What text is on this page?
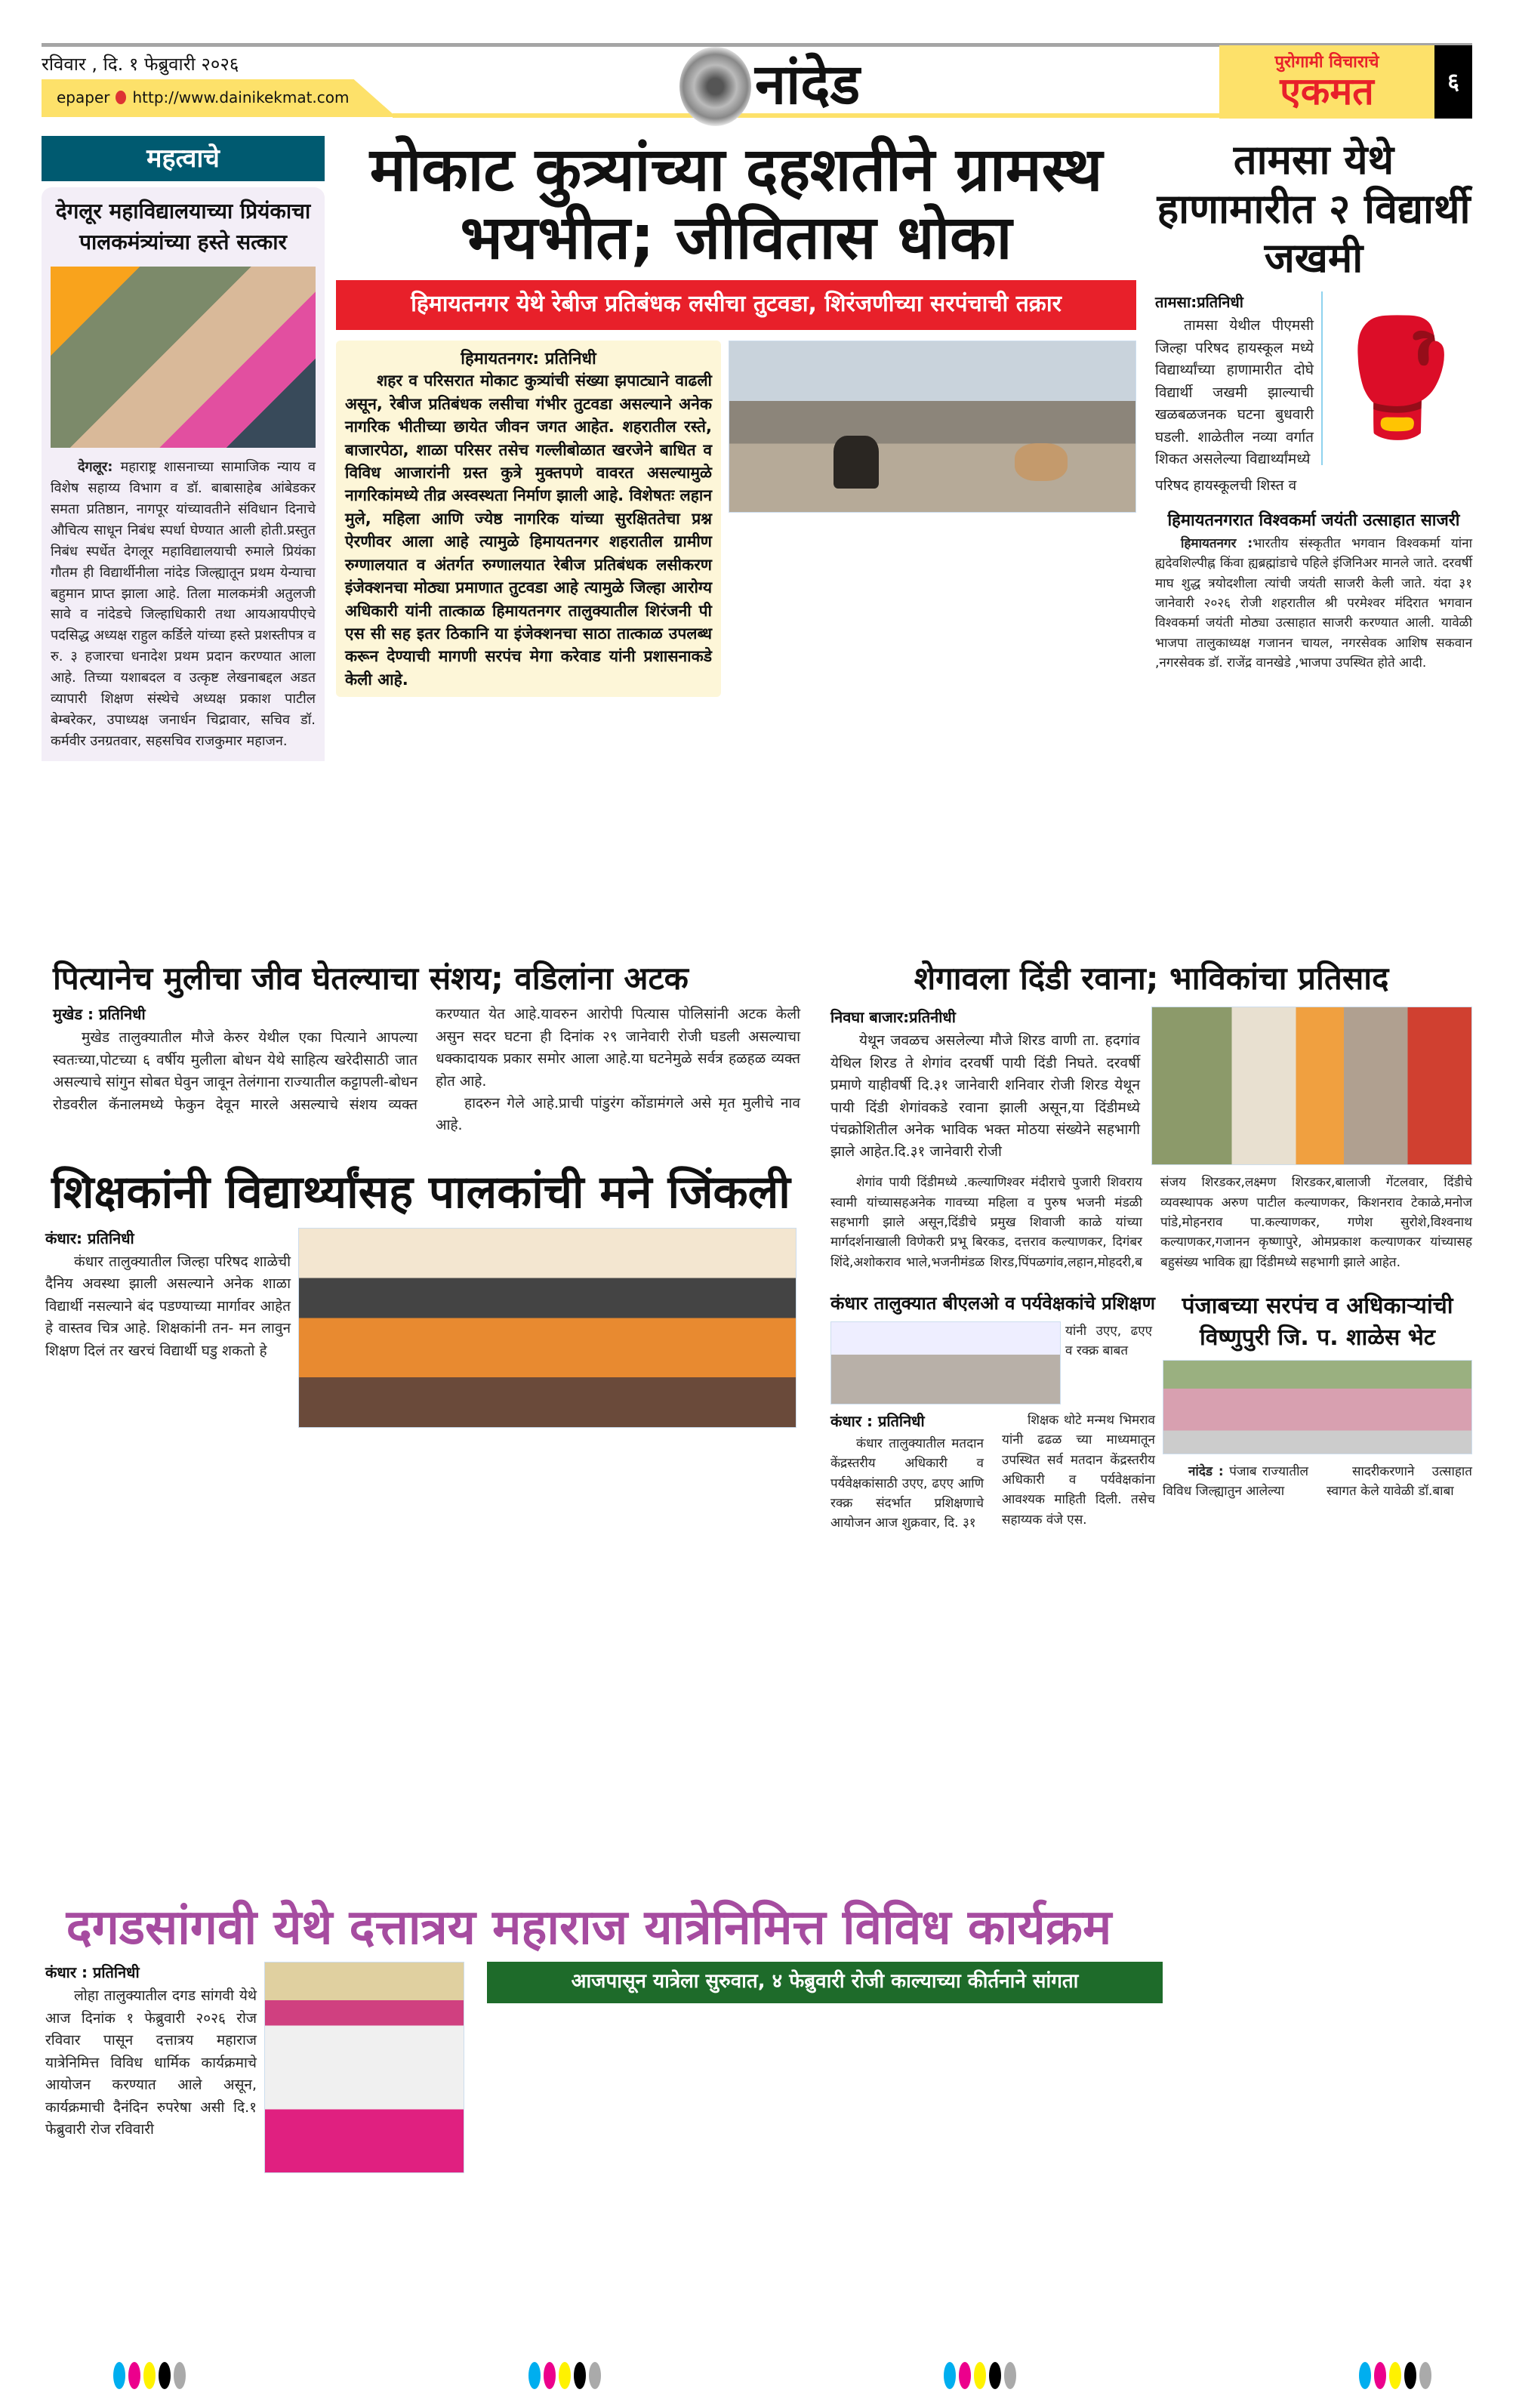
रविवार , दि. १ फेब्रुवारी २०२६
epaper http://www.dainikekmat.com	नांदेड	पुरोगामी विचाराचे
एकमत	६
महत्वाचे
देगलूर महाविद्यालयाच्या प्रियंकाचा पालकमंत्र्यांच्या हस्ते सत्कार

देगलूर: महाराष्ट्र शासनाच्या सामाजिक न्याय व विशेष सहाय्य विभाग व डॉ. बाबासाहेब आंबेडकर समता प्रतिष्ठान, नागपूर यांच्यावतीने संविधान दिनाचे औचित्य साधून निबंध स्पर्धा घेण्यात आली होती.प्रस्तुत निबंध स्पर्धेत देगलूर महाविद्यालयाची रुमाले प्रियंका गौतम ही विद्यार्थीनीला नांदेड जिल्ह्यातून प्रथम येन्याचा बहुमान प्राप्त झाला आहे. तिला मालकमंत्री अतुलजी सावे व नांदेडचे जिल्हाधिकारी तथा आयआयपीएचे पदसिद्ध अध्यक्ष राहुल कर्डिले यांच्या हस्ते प्रशस्तीपत्र व रु. ३ हजारचा धनादेश प्रथम प्रदान करण्यात आला आहे. तिच्या यशाबदल व उत्कृष्ट लेखनाबद्दल अडत व्यापारी शिक्षण संस्थेचे अध्यक्ष प्रकाश पाटील बेम्बरेकर, उपाध्यक्ष जनार्धन चिद्रावार, सचिव डॉ. कर्मवीर उनग्रतवार, सहसचिव राजकुमार महाजन.

मोकाट कुत्र्यांच्या दहशतीने ग्रामस्थ भयभीत; जीवितास धोका
हिमायतनगर येथे रेबीज प्रतिबंधक लसीचा तुटवडा, शिरंजणीच्या सरपंचाची तक्रार
हिमायतनगर: प्रतिनिधी

शहर व परिसरात मोकाट कुत्र्यांची संख्या झपाट्याने वाढली असून, रेबीज प्रतिबंधक लसीचा गंभीर तुटवडा असल्याने अनेक नागरिक भीतीच्या छायेत जीवन जगत आहेत. शहरातील रस्ते, बाजारपेठा, शाळा परिसर तसेच गल्लीबोळात खरजेने बाधित व विविध आजारांनी ग्रस्त कुत्रे मुक्तपणे वावरत असल्यामुळे नागरिकांमध्ये तीव्र अस्वस्थता निर्माण झाली आहे. विशेषतः लहान मुले, महिला आणि ज्येष्ठ नागरिक यांच्या सुरक्षिततेचा प्रश्न ऐरणीवर आला आहे त्यामुळे हिमायतनगर शहरातील ग्रामीण रुग्णालयात व अंतर्गत रुग्णालयात रेबीज प्रतिबंधक लसीकरण इंजेक्शनचा मोठ्या प्रमाणात तुटवडा आहे त्यामुळे जिल्हा आरोग्य अधिकारी यांनी तात्काळ हिमायतनगर तालुक्यातील शिरंजनी पी एस सी सह इतर ठिकानि या इंजेक्शनचा साठा तात्काळ उपलब्ध करून देण्याची मागणी सरपंच मेगा करेवाड यांनी प्रशासनाकडे केली आहे.

तामसा येथे हाणामारीत २ विद्यार्थी जखमी
तामसा:प्रतिनिधी

तामसा येथील पीएमसी जिल्हा परिषद हायस्कूल मध्ये विद्यार्थ्यांच्या हाणामारीत दोघे विद्यार्थी जखमी झाल्याची खळबळजनक घटना बुधवारी घडली. शाळेतील नव्या वर्गात शिकत असलेल्या विद्यार्थ्यांमध्ये

🥊
परिषद हायस्कूलची शिस्त व
हिमायतनगरात विश्वकर्मा जयंती उत्साहात साजरी

हिमायतनगर :भारतीय संस्कृतीत भगवान विश्वकर्मा यांना ह्यदेवशिल्पीह्न किंवा ह्यब्रह्मांडाचे पहिले इंजिनिअर मानले जाते. दरवर्षी माघ शुद्ध त्रयोदशीला त्यांची जयंती साजरी केली जाते. यंदा ३१ जानेवारी २०२६ रोजी शहरातील श्री परमेश्वर मंदिरात भगवान विश्वकर्मा जयंती मोठ्या उत्साहात साजरी करण्यात आली. यावेळी भाजपा तालुकाध्यक्ष गजानन चायल, नगरसेवक आशिष सकवान ,नगरसेवक डॉ. राजेंद्र वानखेडे ,भाजपा उपस्थित होते आदी.

पित्यानेच मुलीचा जीव घेतल्याचा संशय; वडिलांना अटक
मुखेड : प्रतिनिधी

मुखेड तालुक्यातील मौजे केरुर येथील एका पित्याने आपल्या स्वतःच्या,पोटच्या ६ वर्षीय मुलीला बोधन येथे साहित्य खरेदीसाठी जात असल्याचे सांगुन सोबत घेवुन जावून तेलंगाना राज्यातील कट्टापली-बोधन रोडवरील कॅनालमध्ये फेकुन देवून मारले असल्याचे संशय व्यक्त करण्यात येत आहे.यावरुन आरोपी पित्यास पोलिसांनी अटक केली असुन सदर घटना ही दिनांक २९ जानेवारी रोजी घडली असल्याचा धक्कादायक प्रकार समोर आला आहे.या घटनेमुळे सर्वत्र हळहळ व्यक्त होत आहे.

हादरुन गेले आहे.प्राची पांडुरंग कोंडामंगले असे मृत मुलीचे नाव आहे.

शिक्षकांनी विद्यार्थ्यांसह पालकांची मने जिंकली
कंधार: प्रतिनिधी

कंधार तालुक्यातील जिल्हा परिषद शाळेची दैनिय अवस्था झाली असल्याने अनेक शाळा विद्यार्थी नसल्याने बंद पडण्याच्या मार्गावर आहेत हे वास्तव चित्र आहे. शिक्षकांनी तन- मन लावुन शिक्षण दिलं तर खरचं विद्यार्थी घडु शकतो हे

शेगावला दिंडी रवाना; भाविकांचा प्रतिसाद
निवघा बाजार:प्रतिनीधी

येथून जवळच असलेल्या मौजे शिरड वाणी ता. हदगांव येथिल शिरड ते शेगांव दरवर्षी पायी दिंडी निघते. दरवर्षी प्रमाणे याहीवर्षी दि.३१ जानेवारी शनिवार रोजी शिरड येथून पायी दिंडी शेगांवकडे रवाना झाली असून,या दिंडीमध्ये पंचक्रोशितील अनेक भाविक भक्त मोठया संख्येने सहभागी झाले आहेत.दि.३१ जानेवारी रोजी

शेगांव पायी दिंडीमध्ये .कल्याणिश्वर मंदीराचे पुजारी शिवराय स्वामी यांच्यासहअनेक गावच्या महिला व पुरुष भजनी मंडळी सहभागी झाले असून,दिंडीचे प्रमुख शिवाजी काळे यांच्या मार्गदर्शनाखाली विणेकरी प्रभू बिरकड, दत्तराव कल्याणकर, दिगंबर शिंदे,अशोकराव भाले,भजनीमंडळ शिरड,पिंपळगांव,लहान,मोहदरी,ब संजय शिरडकर,लक्ष्मण शिरडकर,बालाजी गेंटलवार, दिंडीचे व्यवस्थापक अरुण पाटील कल्याणकर, किशनराव टेकाळे,मनोज पांडे,मोहनराव पा.कल्याणकर, गणेश सुरोशे,विश्वनाथ कल्याणकर,गजानन कृष्णापुरे, ओमप्रकाश कल्याणकर यांच्यासह बहुसंख्य भाविक ह्या दिंडीमध्ये सहभागी झाले आहेत.

कंधार तालुक्यात बीएलओ व पर्यवेक्षकांचे प्रशिक्षण
यांनी उएए, ढएए व रक्क्र बाबत
कंधार : प्रतिनिधी

कंधार तालुक्यातील मतदान केंद्रस्तरीय अधिकारी व पर्यवेक्षकांसाठी उएए, ढएए आणि रक्क्र संदर्भात प्रशिक्षणाचे आयोजन आज शुक्रवार, दि. ३१

शिक्षक थोटे मन्मथ भिमराव यांनी ढढळ च्या माध्यमातून उपस्थित सर्व मतदान केंद्रस्तरीय अधिकारी व पर्यवेक्षकांना आवश्यक माहिती दिली. तसेच सहाय्यक वंजे एस.

पंजाबच्या सरपंच व अधिकाऱ्यांची विष्णुपुरी जि. प. शाळेस भेट

नांदेड : पंजाब राज्यातील विविध जिल्ह्यातुन आलेल्या

सादरीकरणाने उत्साहात स्वागत केले यावेळी डॉ.बाबा

दगडसांगवी येथे दत्तात्रय महाराज यात्रेनिमित्त विविध कार्यक्रम
कंधार : प्रतिनिधी

लोहा तालुक्यातील दगड सांगवी येथे आज दिनांक १ फेब्रुवारी २०२६ रोज रविवार पासून दत्तात्रय महाराज यात्रेनिमित्त विविध धार्मिक कार्यक्रमाचे आयोजन करण्यात आले असून, कार्यक्रमाची दैनंदिन रुपरेषा असी दि.१ फेब्रुवारी रोज रविवारी

आजपासून यात्रेला सुरुवात, ४ फेब्रुवारी रोजी काल्याच्या कीर्तनाने सांगता
